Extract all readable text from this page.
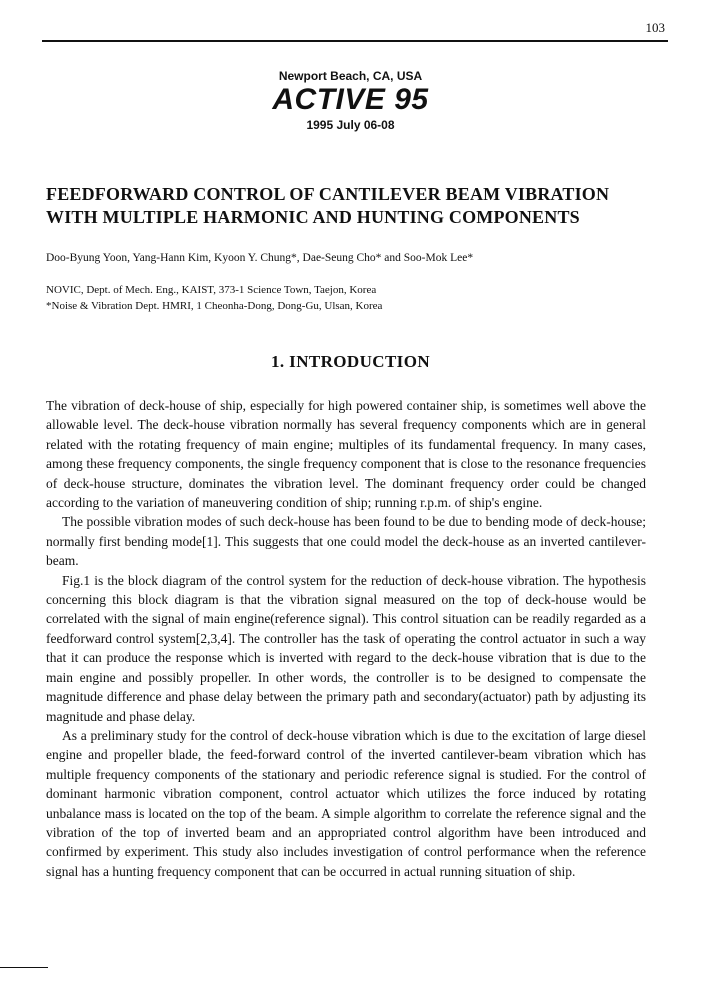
103
Newport Beach, CA, USA
ACTIVE 95
1995 July 06-08
FEEDFORWARD CONTROL OF CANTILEVER BEAM VIBRATION
WITH MULTIPLE HARMONIC AND HUNTING COMPONENTS
Doo-Byung Yoon, Yang-Hann Kim, Kyoon Y. Chung*, Dae-Seung Cho* and Soo-Mok Lee*
NOVIC, Dept. of Mech. Eng., KAIST, 373-1 Science Town, Taejon, Korea
*Noise & Vibration Dept. HMRI, 1 Cheonha-Dong, Dong-Gu, Ulsan, Korea
1. INTRODUCTION

The vibration of deck-house of ship, especially for high powered container ship, is sometimes well above the allowable level. The deck-house vibration normally has several frequency components which are in general related with the rotating frequency of main engine; multiples of its fundamental frequency. In many cases, among these frequency components, the single frequency component that is close to the resonance frequencies of deck-house structure, dominates the vibration level. The dominant frequency order could be changed according to the variation of maneuvering condition of ship; running r.p.m. of ship's engine.

The possible vibration modes of such deck-house has been found to be due to bending mode of deck-house; normally first bending mode[1]. This suggests that one could model the deck-house as an inverted cantilever-beam.

Fig.1 is the block diagram of the control system for the reduction of deck-house vibration. The hypothesis concerning this block diagram is that the vibration signal measured on the top of deck-house would be correlated with the signal of main engine(reference signal). This control situation can be readily regarded as a feedforward control system[2,3,4]. The controller has the task of operating the control actuator in such a way that it can produce the response which is inverted with regard to the deck-house vibration that is due to the main engine and possibly propeller. In other words, the controller is to be designed to compensate the magnitude difference and phase delay between the primary path and secondary(actuator) path by adjusting its magnitude and phase delay.

As a preliminary study for the control of deck-house vibration which is due to the excitation of large diesel engine and propeller blade, the feed-forward control of the inverted cantilever-beam vibration which has multiple frequency components of the stationary and periodic reference signal is studied. For the control of dominant harmonic vibration component, control actuator which utilizes the force induced by rotating unbalance mass is located on the top of the beam. A simple algorithm to correlate the reference signal and the vibration of the top of inverted beam and an appropriated control algorithm have been introduced and confirmed by experiment. This study also includes investigation of control performance when the reference signal has a hunting frequency component that can be occurred in actual running situation of ship.
